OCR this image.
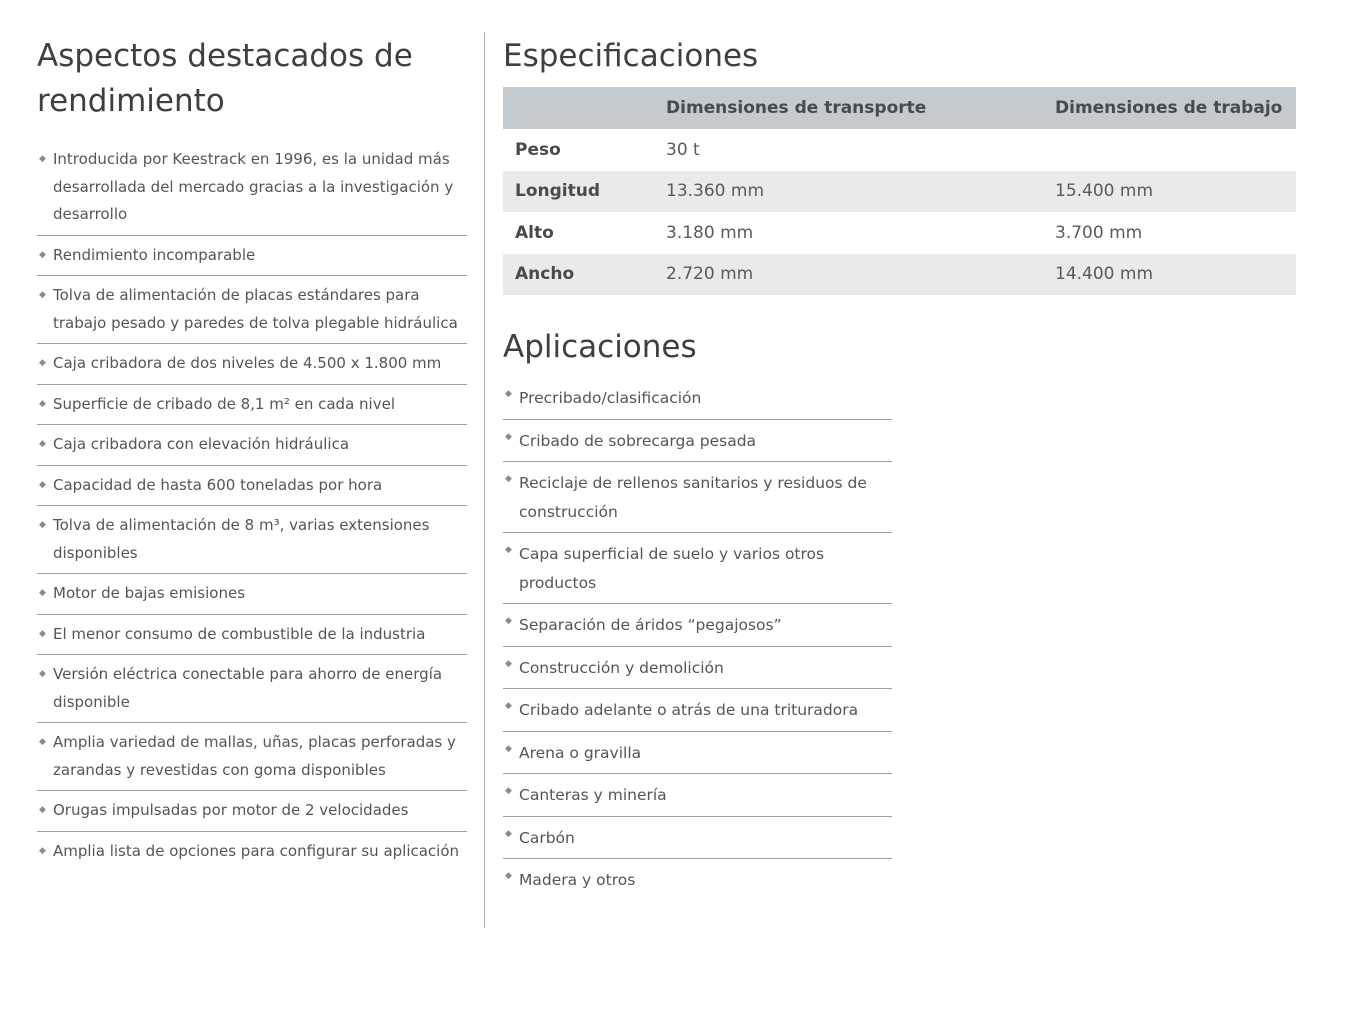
Aspectos destacados de rendimiento
◆ Introducida por Keestrack en 1996, es la unidad más desarrollada del mercado gracias a la investigación y desarrollo
◆ Rendimiento incomparable
◆ Tolva de alimentación de placas estándares para trabajo pesado y paredes de tolva plegable hidráulica
◆ Caja cribadora de dos niveles de 4.500 x 1.800 mm
◆ Superficie de cribado de 8,1 m² en cada nivel
◆ Caja cribadora con elevación hidráulica
◆ Capacidad de hasta 600 toneladas por hora
◆ Tolva de alimentación de 8 m³, varias extensiones disponibles
◆ Motor de bajas emisiones
◆ El menor consumo de combustible de la industria
◆ Versión eléctrica conectable para ahorro de energía disponible
◆ Amplia variedad de mallas, uñas, placas perforadas y zarandas y revestidas con goma disponibles
◆ Orugas impulsadas por motor de 2 velocidades
◆ Amplia lista de opciones para configurar su aplicación
Especificaciones
	Dimensiones de transporte	Dimensiones de trabajo
Peso	30 t	
Longitud	13.360 mm	15.400 mm
Alto	3.180 mm	3.700 mm
Ancho	2.720 mm	14.400 mm
Aplicaciones
◆ Precribado/clasificación
◆ Cribado de sobrecarga pesada
◆ Reciclaje de rellenos sanitarios y residuos de construcción
◆ Capa superficial de suelo y varios otros productos
◆ Separación de áridos “pegajosos”
◆ Construcción y demolición
◆ Cribado adelante o atrás de una trituradora
◆ Arena o gravilla
◆ Canteras y minería
◆ Carbón
◆ Madera y otros
